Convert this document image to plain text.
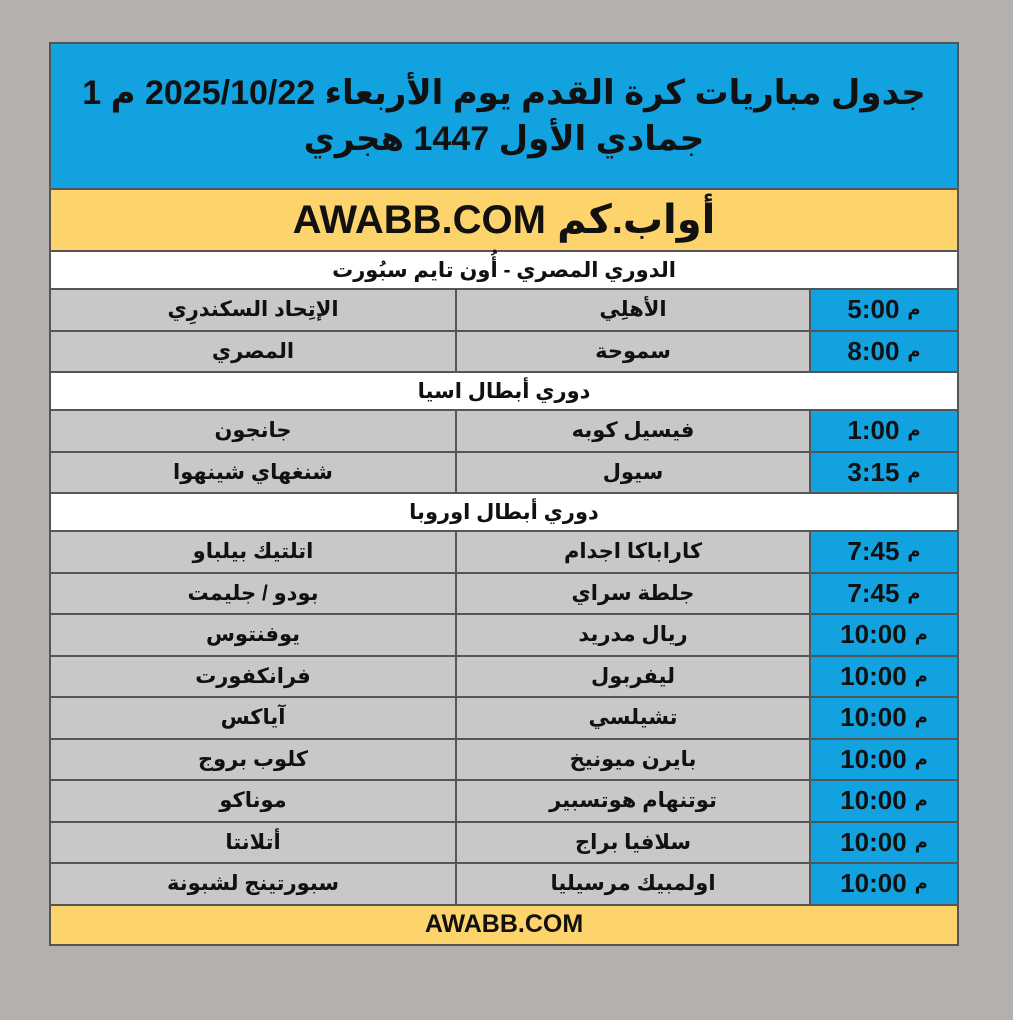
جدول مباريات كرة القدم يوم الأربعاء 2025/10/22 م 1 جمادي الأول 1447 هجري
أواب.كم AWABB.COM
الدوري المصري - أُون تايم سبُورت
م
5:00
الأهلِي
الإتِحاد السكندرِي
م
8:00
سموحة
المصري
دوري أبطال اسيا
م
1:00
فيسيل كوبه
جانجون
م
3:15
سيول
شنغهاي شينهوا
دوري أبطال اوروبا
م
7:45
كاراباكا اجدام
اتلتيك بيلباو
م
7:45
جلطة سراي
بودو / جليمت
م
10:00
ريال مدريد
يوفنتوس
م
10:00
ليفربول
فرانكفورت
م
10:00
تشيلسي
آياكس
م
10:00
بايرن ميونيخ
كلوب بروج
م
10:00
توتنهام هوتسبير
موناكو
م
10:00
سلافيا براج
أتلانتا
م
10:00
اولمبيك مرسيليا
سبورتينج لشبونة
AWABB.COM
